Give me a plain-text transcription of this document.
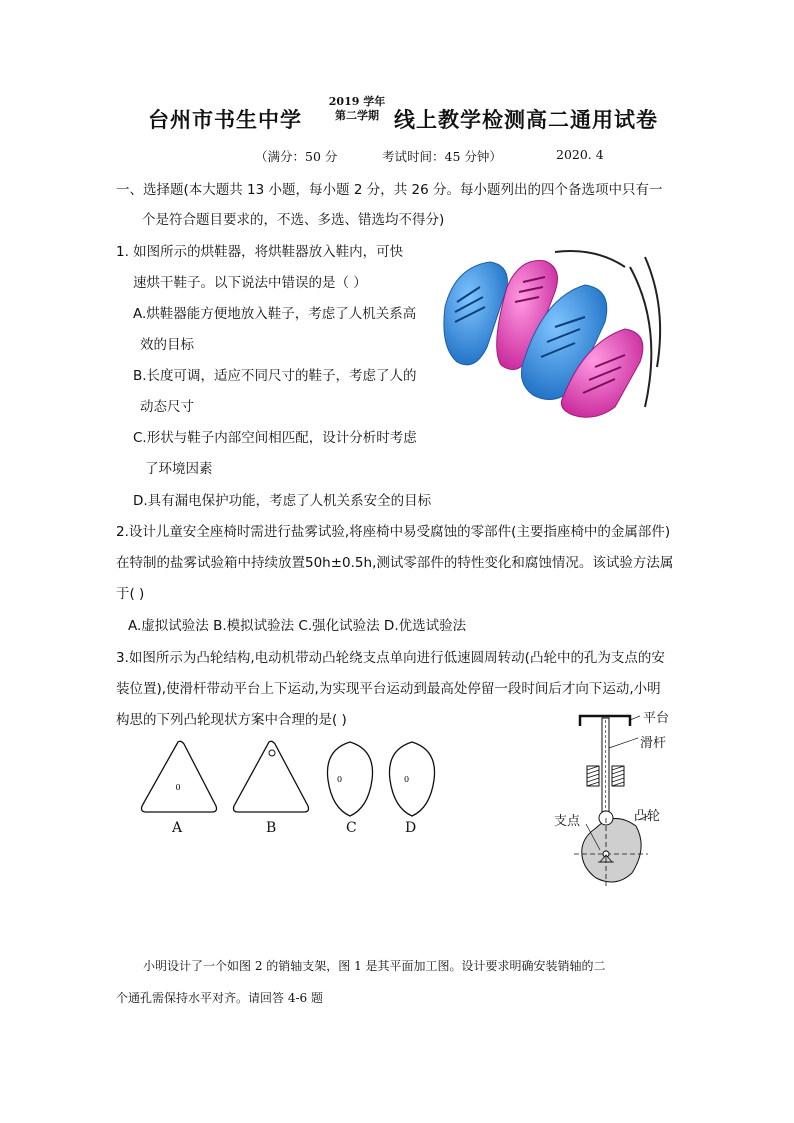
台州市书生中学
2019 学年
第二学期 线上教学检测高二通用试卷
（满分：50 分	考试时间：45 分钟）	2020. 4
一、选择题(本大题共 13 小题，每小题 2 分，共 26 分。每小题列出的四个备选项中只有一
个是符合题目要求的，不选、多选、错选均不得分)
1. 如图所示的烘鞋器，将烘鞋器放入鞋内，可快
速烘干鞋子。以下说法中错误的是（ ）
A.烘鞋器能方便地放入鞋子，考虑了人机关系高
效的目标
B.长度可调，适应不同尺寸的鞋子，考虑了人的
动态尺寸
C.形状与鞋子内部空间相匹配，设计分析时考虑
了环境因素
D.具有漏电保护功能，考虑了人机关系安全的目标
2.设计儿童安全座椅时需进行盐雾试验,将座椅中易受腐蚀的零部件(主要指座椅中的金属部件)
在特制的盐雾试验箱中持续放置50h±0.5h,测试零部件的特性变化和腐蚀情况。该试验方法属
于( )
A.虚拟试验法 B.模拟试验法 C.强化试验法 D.优选试验法
3.如图所示为凸轮结构,电动机带动凸轮绕支点单向进行低速圆周转动(凸轮中的孔为支点的安
装位置),使滑杆带动平台上下运动,为实现平台运动到最高处停留一段时间后才向下运动,小明
构思的下列凸轮现状方案中合理的是( )
0
0	0
A	B	C	D
平台
滑杆
支点	凸轮
小明设计了一个如图 2 的销轴支架，图 1 是其平面加工图。设计要求明确安装销轴的二
个通孔需保持水平对齐。请回答 4-6 题
